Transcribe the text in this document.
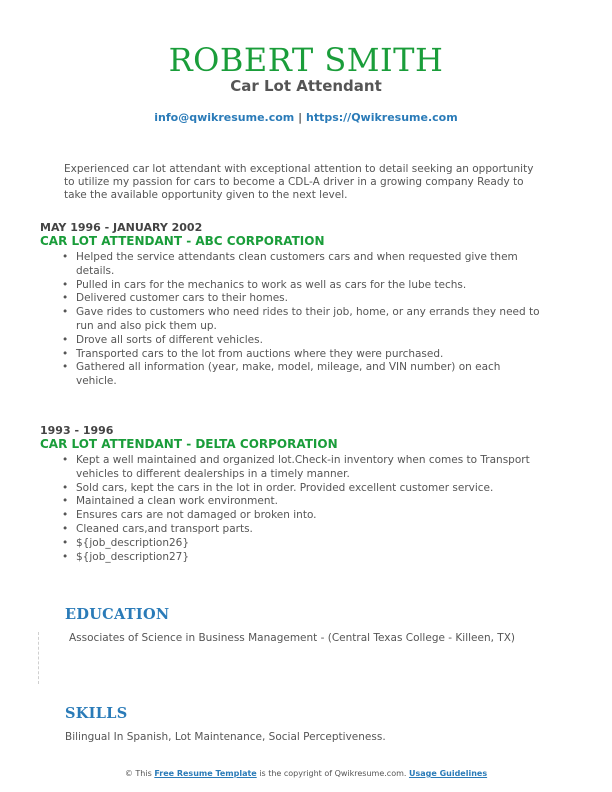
ROBERT SMITH
Car Lot Attendant
info@qwikresume.com | https://Qwikresume.com
Experienced car lot attendant with exceptional attention to detail seeking an opportunity to utilize my passion for cars to become a CDL-A driver in a growing company Ready to take the available opportunity given to the next level.
MAY 1996 - JANUARY 2002
CAR LOT ATTENDANT - ABC CORPORATION
• Helped the service attendants clean customers cars and when requested give them details.
• Pulled in cars for the mechanics to work as well as cars for the lube techs.
• Delivered customer cars to their homes.
• Gave rides to customers who need rides to their job, home, or any errands they need to run and also pick them up.
• Drove all sorts of different vehicles.
• Transported cars to the lot from auctions where they were purchased.
• Gathered all information (year, make, model, mileage, and VIN number) on each vehicle.
1993 - 1996
CAR LOT ATTENDANT - DELTA CORPORATION
• Kept a well maintained and organized lot.Check-in inventory when comes to Transport vehicles to different dealerships in a timely manner.
• Sold cars, kept the cars in the lot in order. Provided excellent customer service.
• Maintained a clean work environment.
• Ensures cars are not damaged or broken into.
• Cleaned cars,and transport parts.
• ${job_description26}
• ${job_description27}
EDUCATION
Associates of Science in Business Management - (Central Texas College - Killeen, TX)
SKILLS
Bilingual In Spanish, Lot Maintenance, Social Perceptiveness.
© This Free Resume Template is the copyright of Qwikresume.com. Usage Guidelines
